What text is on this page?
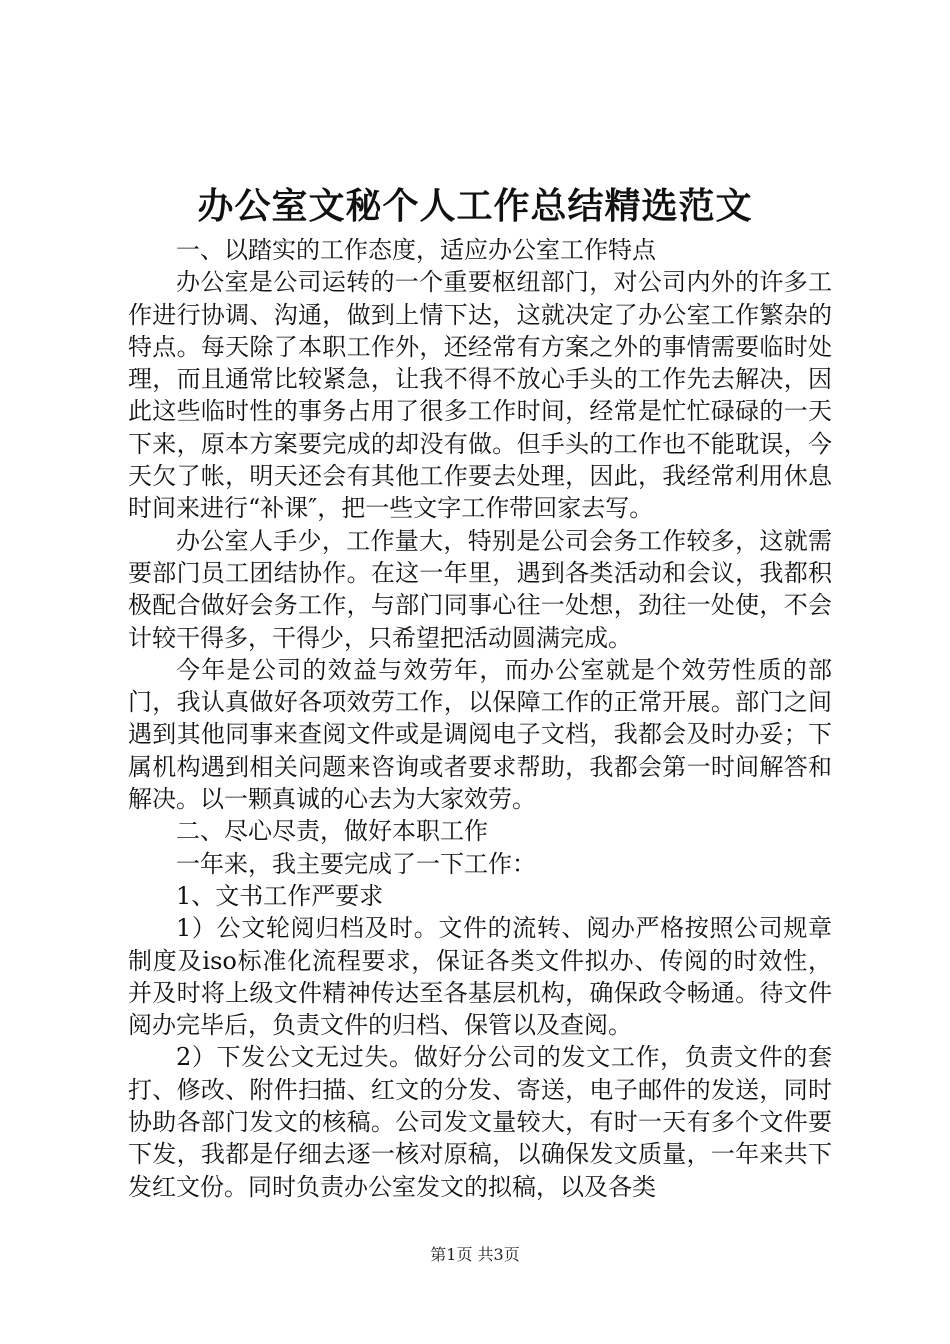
办公室文秘个人工作总结精选范文

一、以踏实的工作态度，适应办公室工作特点

办公室是公司运转的一个重要枢纽部门，对公司内外的许多工作进行协调、沟通，做到上情下达，这就决定了办公室工作繁杂的特点。每天除了本职工作外，还经常有方案之外的事情需要临时处理，而且通常比较紧急，让我不得不放心手头的工作先去解决，因此这些临时性的事务占用了很多工作时间，经常是忙忙碌碌的一天下来，原本方案要完成的却没有做。但手头的工作也不能耽误，今天欠了帐，明天还会有其他工作要去处理，因此，我经常利用休息时间来进行“补课″，把一些文字工作带回家去写。

办公室人手少，工作量大，特别是公司会务工作较多，这就需要部门员工团结协作。在这一年里，遇到各类活动和会议，我都积极配合做好会务工作，与部门同事心往一处想，劲往一处使，不会计较干得多，干得少，只希望把活动圆满完成。

今年是公司的效益与效劳年，而办公室就是个效劳性质的部门，我认真做好各项效劳工作，以保障工作的正常开展。部门之间遇到其他同事来查阅文件或是调阅电子文档，我都会及时办妥；下属机构遇到相关问题来咨询或者要求帮助，我都会第一时间解答和解决。以一颗真诚的心去为大家效劳。

二、尽心尽责，做好本职工作

一年来，我主要完成了一下工作：

1、文书工作严要求

1）公文轮阅归档及时。文件的流转、阅办严格按照公司规章制度及iso标准化流程要求，保证各类文件拟办、传阅的时效性，并及时将上级文件精神传达至各基层机构，确保政令畅通。待文件阅办完毕后，负责文件的归档、保管以及查阅。

2）下发公文无过失。做好分公司的发文工作，负责文件的套打、修改、附件扫描、红文的分发、寄送，电子邮件的发送，同时协助各部门发文的核稿。公司发文量较大，有时一天有多个文件要下发，我都是仔细去逐一核对原稿，以确保发文质量，一年来共下发红文份。同时负责办公室发文的拟稿，以及各类

第1页 共3页
